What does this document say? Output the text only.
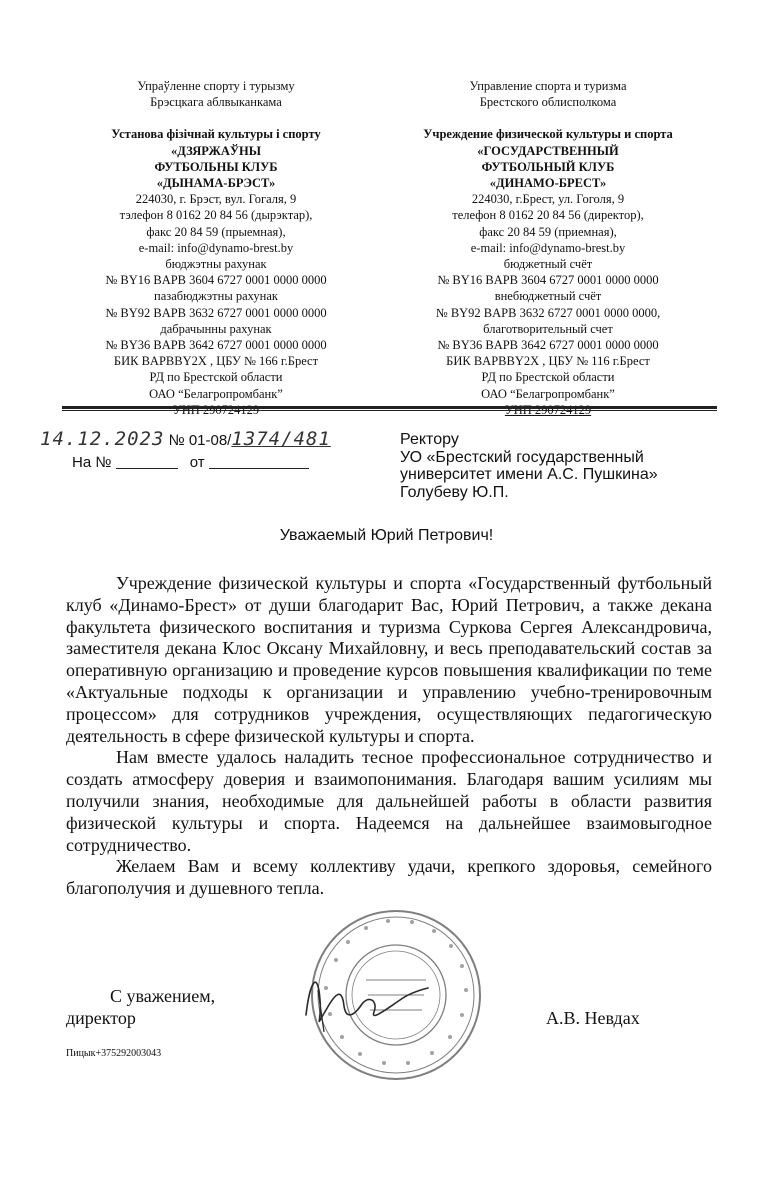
Упраўленне спорту і турызму
Брэсцкага аблвыканкама
Установа фізічнай культуры і спорту
«ДЗЯРЖАЎНЫ
ФУТБОЛЬНЫ КЛУБ
«ДЫНАМА-БРЭСТ»
224030, г. Брэст, вул. Гогаля, 9
тэлефон 8 0162 20 84 56 (дырэктар),
факс 20 84 59 (прыемная),
e-mail: info@dynamo-brest.by
бюджэтны рахунак
№ BY16 BAPB 3604 6727 0001 0000 0000
пазабюджэтны рахунак
№ BY92 BAPB 3632 6727 0001 0000 0000
дабрачынны рахунак
№ BY36 BAPB 3642 6727 0001 0000 0000
БИК BAPBBY2X , ЦБУ № 166 г.Брест
РД по Брестской области
ОАО “Белагропромбанк”
Управление спорта и туризма
Брестского облисполкома
Учреждение физической культуры и спорта
«ГОСУДАРСТВЕННЫЙ
ФУТБОЛЬНЫЙ КЛУБ
«ДИНАМО-БРЕСТ»
224030, г.Брест, ул. Гоголя, 9
телефон 8 0162 20 84 56 (директор),
факс 20 84 59 (приемная),
e-mail: info@dynamo-brest.by
бюджетный счёт
№ BY16 BAPB 3604 6727 0001 0000 0000
внебюджетный счёт
№ BY92 BAPB 3632 6727 0001 0000 0000,
благотворительный счет
№ BY36 BAPB 3642 6727 0001 0000 0000
БИК BAPBBY2X , ЦБУ № 116 г.Брест
РД по Брестской области
ОАО “Белагропромбанк”
14.12.2023 № 01-08/1374/481
На №	от
Ректору
УО «Брестский государственный
университет имени А.С. Пушкина»
Голубеву Ю.П.
Уважаемый Юрий Петрович!

Учреждение физической культуры и спорта «Государственный футбольный клуб «Динамо-Брест» от души благодарит Вас, Юрий Петрович, а также декана факультета физического воспитания и туризма Суркова Сергея Александровича, заместителя декана Клос Оксану Михайловну, и весь преподавательский состав за оперативную организацию и проведение курсов повышения квалификации по теме «Актуальные подходы к организации и управлению учебно-тренировочным процессом» для сотрудников учреждения, осуществляющих педагогическую деятельность в сфере физической культуры и спорта.

Нам вместе удалось наладить тесное профессиональное сотрудничество и создать атмосферу доверия и взаимопонимания. Благодаря вашим усилиям мы получили знания, необходимые для дальнейшей работы в области развития физической культуры и спорта. Надеемся на дальнейшее взаимовыгодное сотрудничество.

Желаем Вам и всему коллективу удачи, крепкого здоровья, семейного благополучия и душевного тепла.

С уважением,
директор	А.В. Невдах
Пицык+375292003043
